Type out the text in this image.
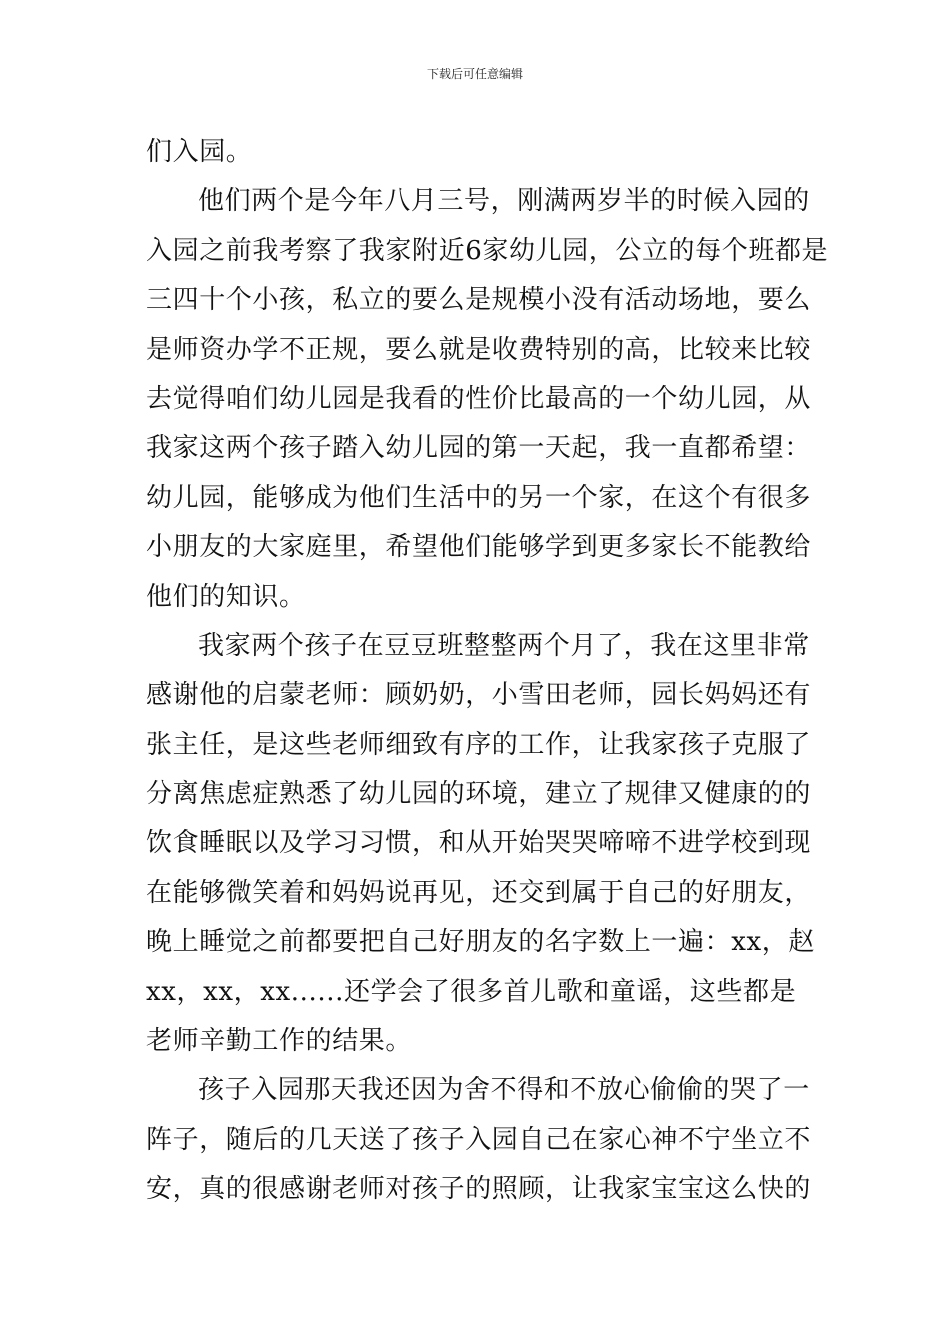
下载后可任意编辑
们入园。
他们两个是今年八月三号，刚满两岁半的时候入园的
入园之前我考察了我家附近6家幼儿园，公立的每个班都是
三四十个小孩，私立的要么是规模小没有活动场地，要么
是师资办学不正规，要么就是收费特别的高，比较来比较
去觉得咱们幼儿园是我看的性价比最高的一个幼儿园，从
我家这两个孩子踏入幼儿园的第一天起，我一直都希望：
幼儿园，能够成为他们生活中的另一个家，在这个有很多
小朋友的大家庭里，希望他们能够学到更多家长不能教给
他们的知识。
我家两个孩子在豆豆班整整两个月了，我在这里非常
感谢他的启蒙老师：顾奶奶，小雪田老师，园长妈妈还有
张主任，是这些老师细致有序的工作，让我家孩子克服了
分离焦虑症熟悉了幼儿园的环境，建立了规律又健康的的
饮食睡眠以及学习习惯，和从开始哭哭啼啼不进学校到现
在能够微笑着和妈妈说再见，还交到属于自己的好朋友，
晚上睡觉之前都要把自己好朋友的名字数上一遍：xx，赵
xx，xx，xx......还学会了很多首儿歌和童谣，这些都是
老师辛勤工作的结果。
孩子入园那天我还因为舍不得和不放心偷偷的哭了一
阵子，随后的几天送了孩子入园自己在家心神不宁坐立不
安，真的很感谢老师对孩子的照顾，让我家宝宝这么快的
